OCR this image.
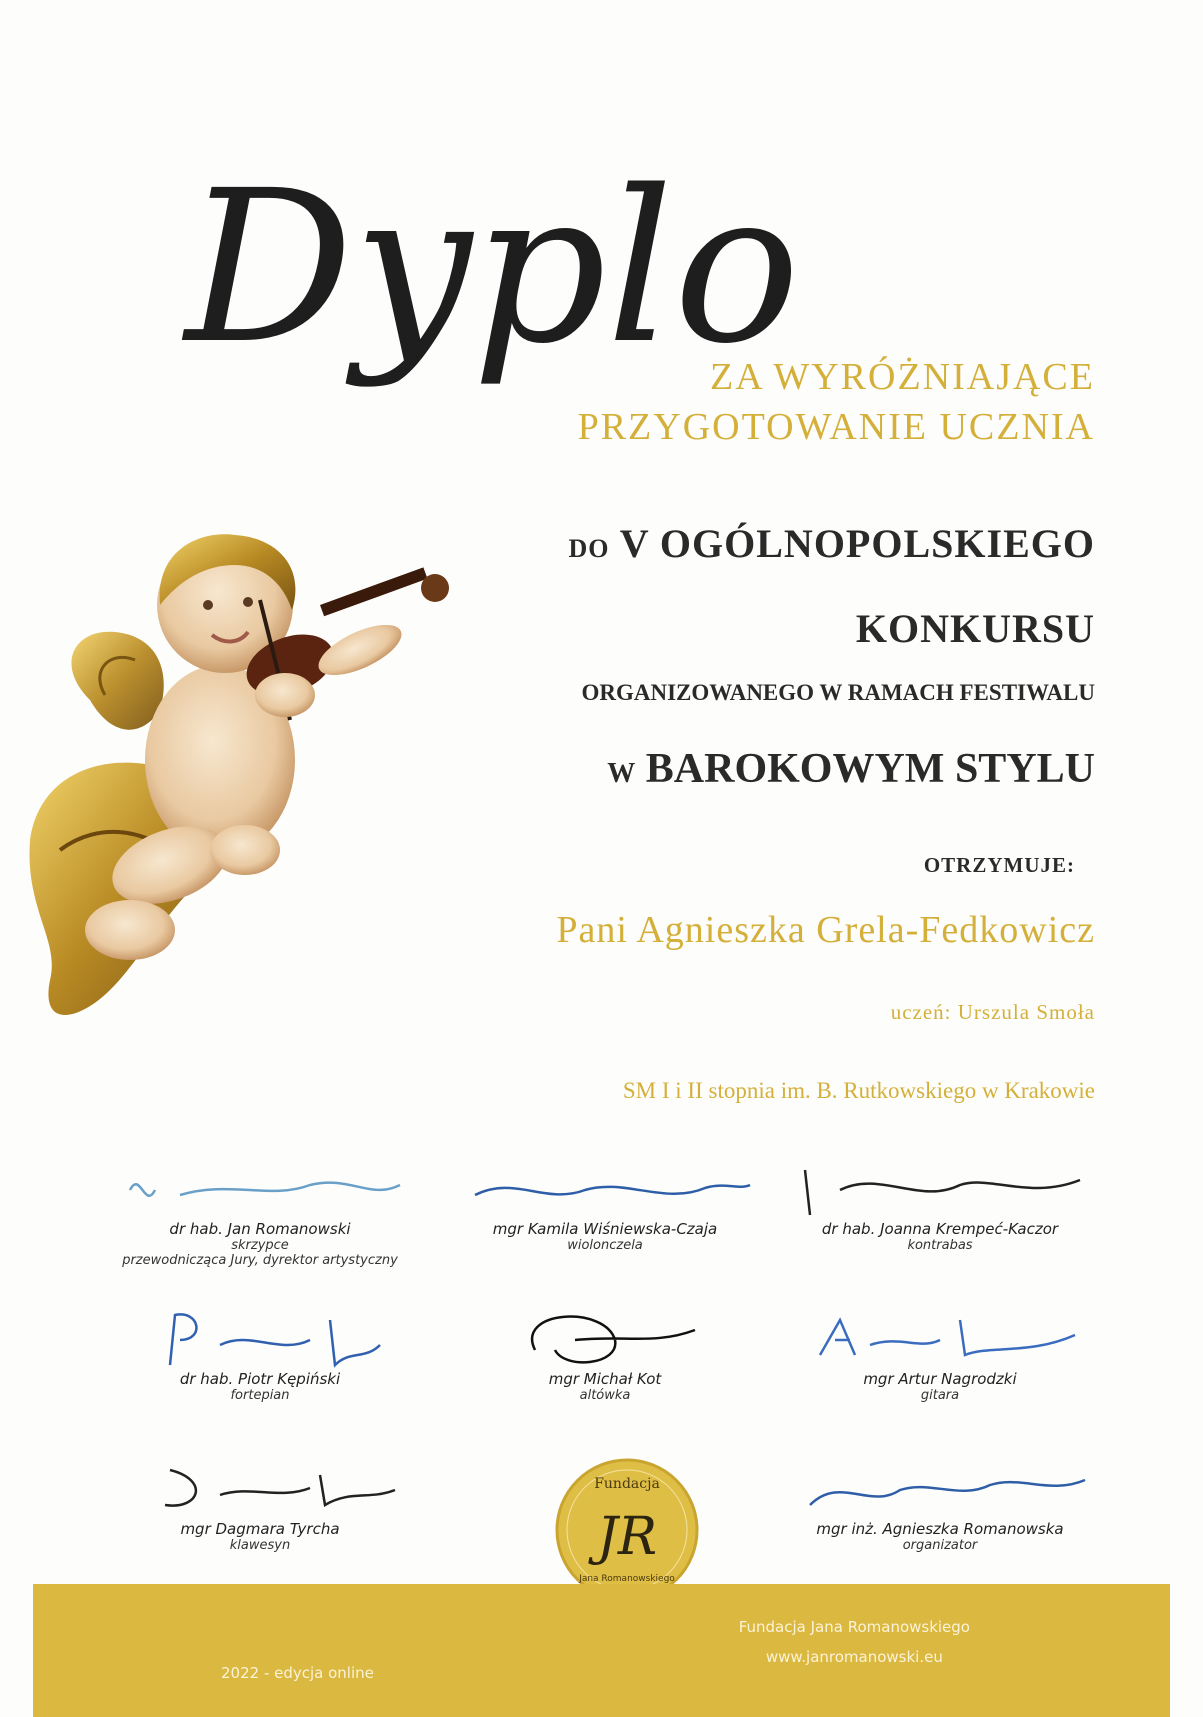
Dyplo
ZA WYRÓŻNIAJĄCE
PRZYGOTOWANIE UCZNIA
DO V OGÓLNOPOLSKIEGO
KONKURSU
ORGANIZOWANEGO W RAMACH FESTIWALU
W BAROKOWYM STYLU
OTRZYMUJE:
Pani Agnieszka Grela-Fedkowicz
uczeń: Urszula Smoła
SM I i II stopnia im. B. Rutkowskiego w Krakowie
dr hab. Jan Romanowski
skrzypce
przewodnicząca Jury, dyrektor artystyczny
mgr Kamila Wiśniewska-Czaja
wiolonczela
dr hab. Joanna Krempeć-Kaczor
kontrabas
dr hab. Piotr Kępiński
fortepian
mgr Michał Kot
altówka
mgr Artur Nagrodzki
gitara
mgr Dagmara Tyrcha
klawesyn
mgr inż. Agnieszka Romanowska
organizator
Fundacja
JR
Jana Romanowskiego
2022 - edycja online
Fundacja Jana Romanowskiego
www.janromanowski.eu
